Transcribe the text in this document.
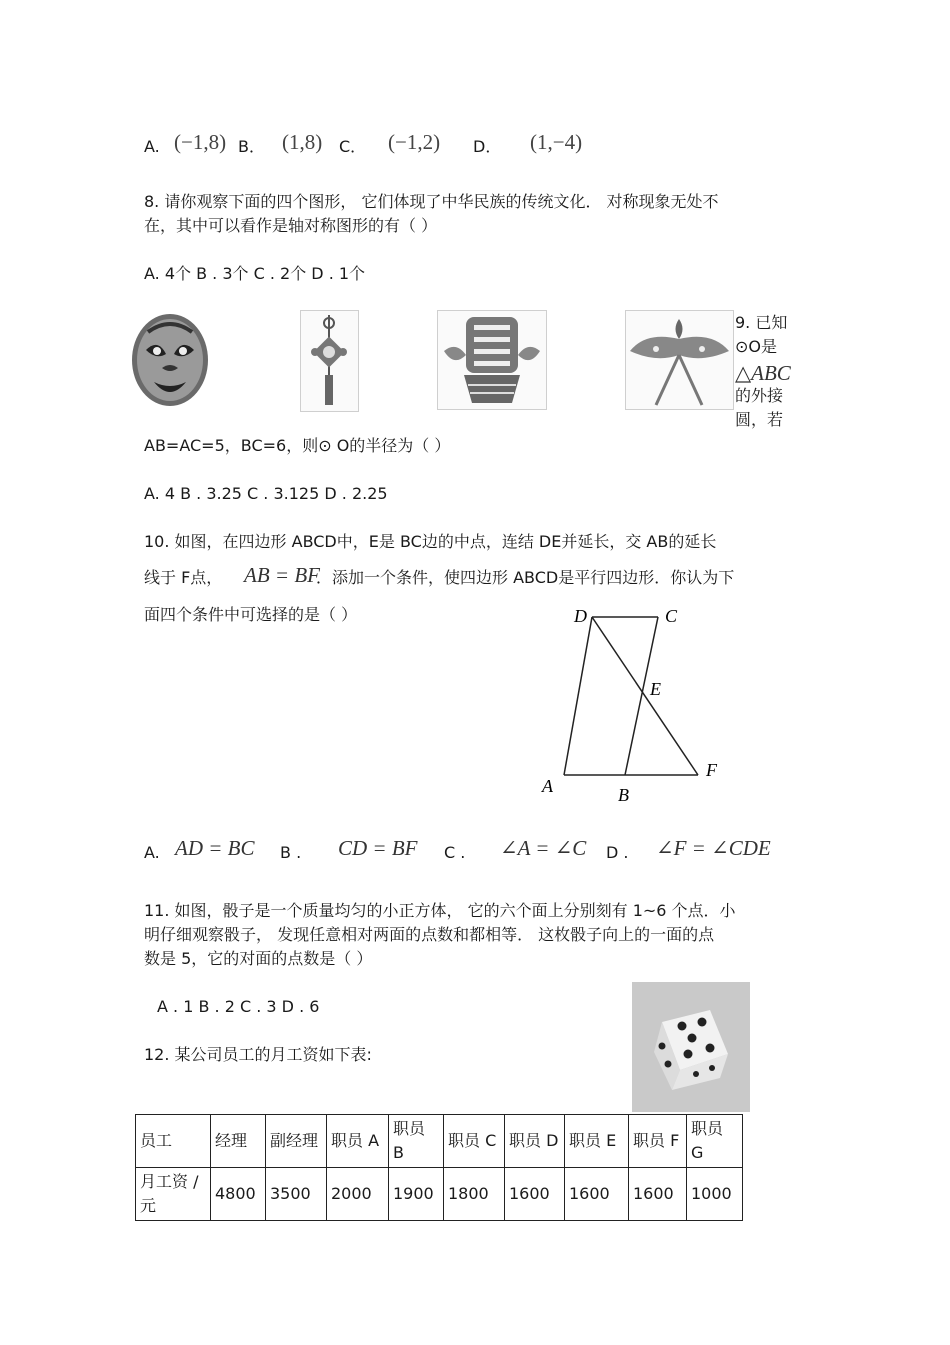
A. (−1,8) B． (1,8) C． (−1,2) D． (1,−4)
8. 请你观察下面的四个图形， 它们体现了中华民族的传统文化． 对称现象无处不
在，其中可以看作是轴对称图形的有（ ）
A. 4个 B . 3个 C . 2个 D . 1个
9. 已知
⊙O是
△ABC
的外接
圆，若
AB=AC=5，BC=6，则⊙ O的半径为（ ）
A. 4 B . 3.25 C . 3.125 D . 2.25
10. 如图，在四边形 ABCD中，E是 BC边的中点，连结 DE并延长，交 AB的延长
线于 F点， AB = BF
．添加一个条件，使四边形 ABCD是平行四边形．你认为下
面四个条件中可选择的是（ ）	D	C
E
A	B
F
A. AD = BC B . CD = BF C . ∠A = ∠C D . ∠F = ∠CDE
11. 如图，骰子是一个质量均匀的小正方体， 它的六个面上分别刻有 1~6 个点．小
明仔细观察骰子， 发现任意相对两面的点数和都相等． 这枚骰子向上的一面的点
数是 5，它的对面的点数是（ ）
A . 1 B . 2 C . 3 D . 6
12. 某公司员工的月工资如下表:
员工	经理	副经理	职员 A	职员 B	职员 C	职员 D	职员 E	职员 F	职员 G
月工资 / 元	4800	3500	2000	1900	1800	1600	1600	1600	1000
